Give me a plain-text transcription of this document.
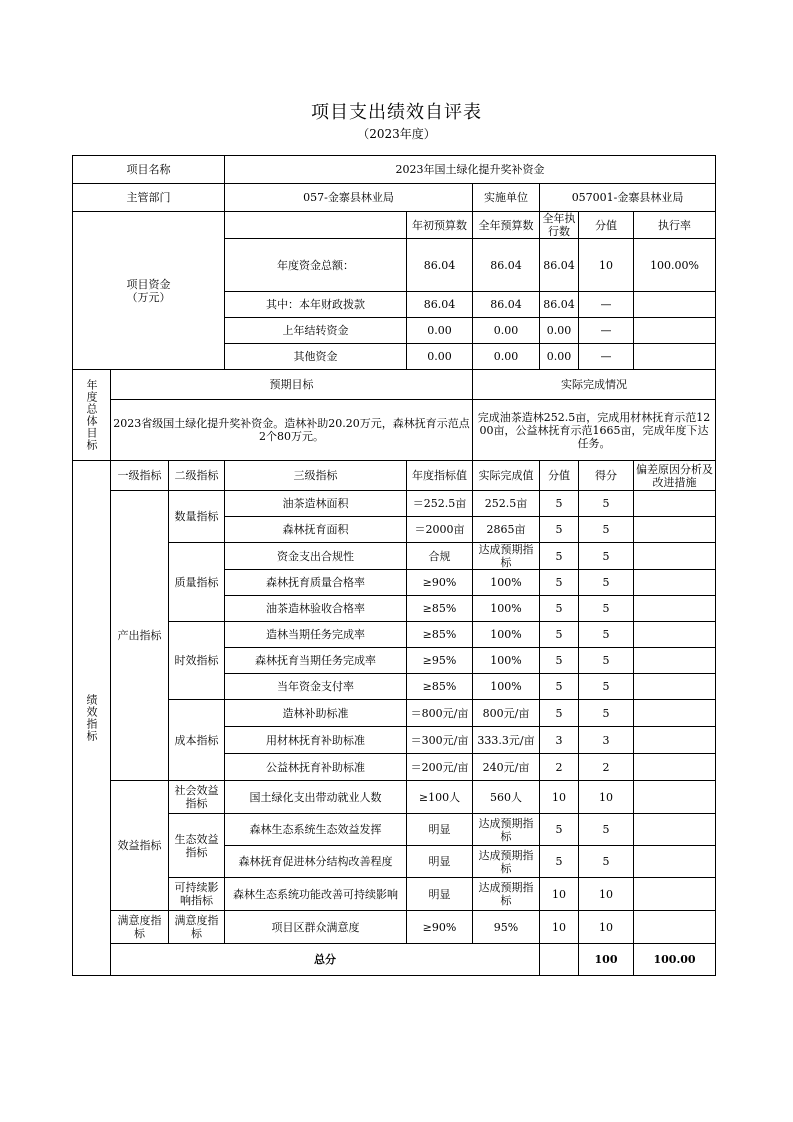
项目支出绩效自评表
（2023年度）
项目名称			2023年国土绿化提升奖补资金						
主管部门			057-金寨县林业局		实施单位	057001-金寨县林业局			
项目资金
（万元）				年初预算数	全年预算数	全年执行数	分值	执行率	
			年度资金总额：	86.04	86.04	86.04	10	100.00%	
			其中：本年财政拨款	86.04	86.04	86.04	—		
			上年结转资金	0.00	0.00	0.00	—		
			其他资金	0.00	0.00	0.00	—		
年度总体目标	预期目标				实际完成情况				
	2023省级国土绿化提升奖补资金。造林补助20.20万元，森林抚育示范点2个80万元。				完成油茶造林252.5亩，完成用材林抚育示范1200亩，公益林抚育示范1665亩，完成年度下达任务。				
绩效指标	一级指标	二级指标	三级指标	年度指标值	实际完成值	分值	得分	偏差原因分析及改进措施	
	产出指标	数量指标	油茶造林面积	＝252.5亩	252.5亩	5	5		
			森林抚育面积	＝2000亩	2865亩	5	5		
		质量指标	资金支出合规性	合规	达成预期指标	5	5		
			森林抚育质量合格率	≥90%	100%	5	5		
			油茶造林验收合格率	≥85%	100%	5	5		
		时效指标	造林当期任务完成率	≥85%	100%	5	5		
			森林抚育当期任务完成率	≥95%	100%	5	5		
			当年资金支付率	≥85%	100%	5	5		
		成本指标	造林补助标准	＝800元/亩	800元/亩	5	5		
			用材林抚育补助标准	＝300元/亩	333.3元/亩	3	3		
			公益林抚育补助标准	＝200元/亩	240元/亩	2	2		
	效益指标	社会效益指标	国土绿化支出带动就业人数	≥100人	560人	10	10		
		生态效益指标	森林生态系统生态效益发挥	明显	达成预期指标	5	5		
			森林抚育促进林分结构改善程度	明显	达成预期指标	5	5		
		可持续影响指标	森林生态系统功能改善可持续影响	明显	达成预期指标	10	10		
	满意度指标	满意度指标	项目区群众满意度	≥90%	95%	10	10		
	总分						100	100.00	
